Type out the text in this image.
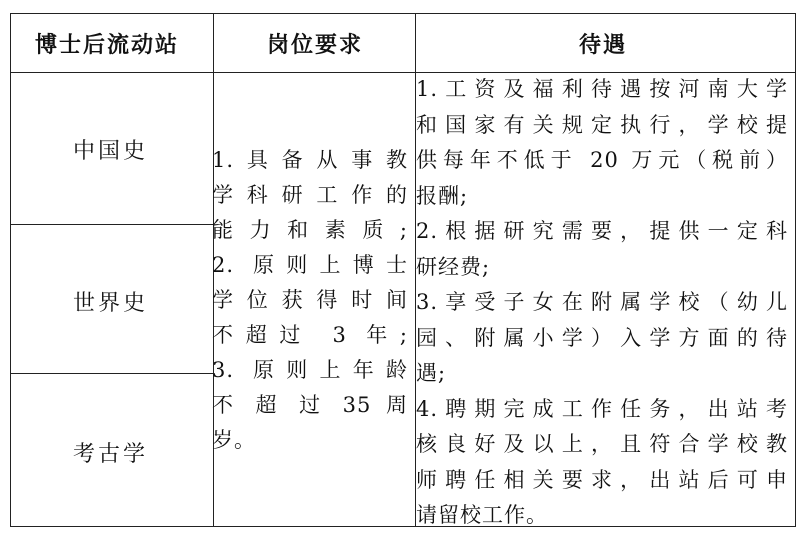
博士后流动站	岗位要求	待遇
中国史
世界史
考古学
1.具备从事教
学科研工作的
能力和素质;
2. 原则上博士
学位获得时间
不超过 3 年;
3. 原则上年龄
不 超 过 35 周
岁。
1.工资及福利待遇按河南大学
和国家有关规定执行，学校提
供每年不低于 20 万元（税前）
报酬;
2.根据研究需要，提供一定科
研经费;
3.享受子女在附属学校（幼儿
园、附属小学）入学方面的待
遇;
4.聘期完成工作任务，出站考
核良好及以上，且符合学校教
师聘任相关要求，出站后可申
请留校工作。
